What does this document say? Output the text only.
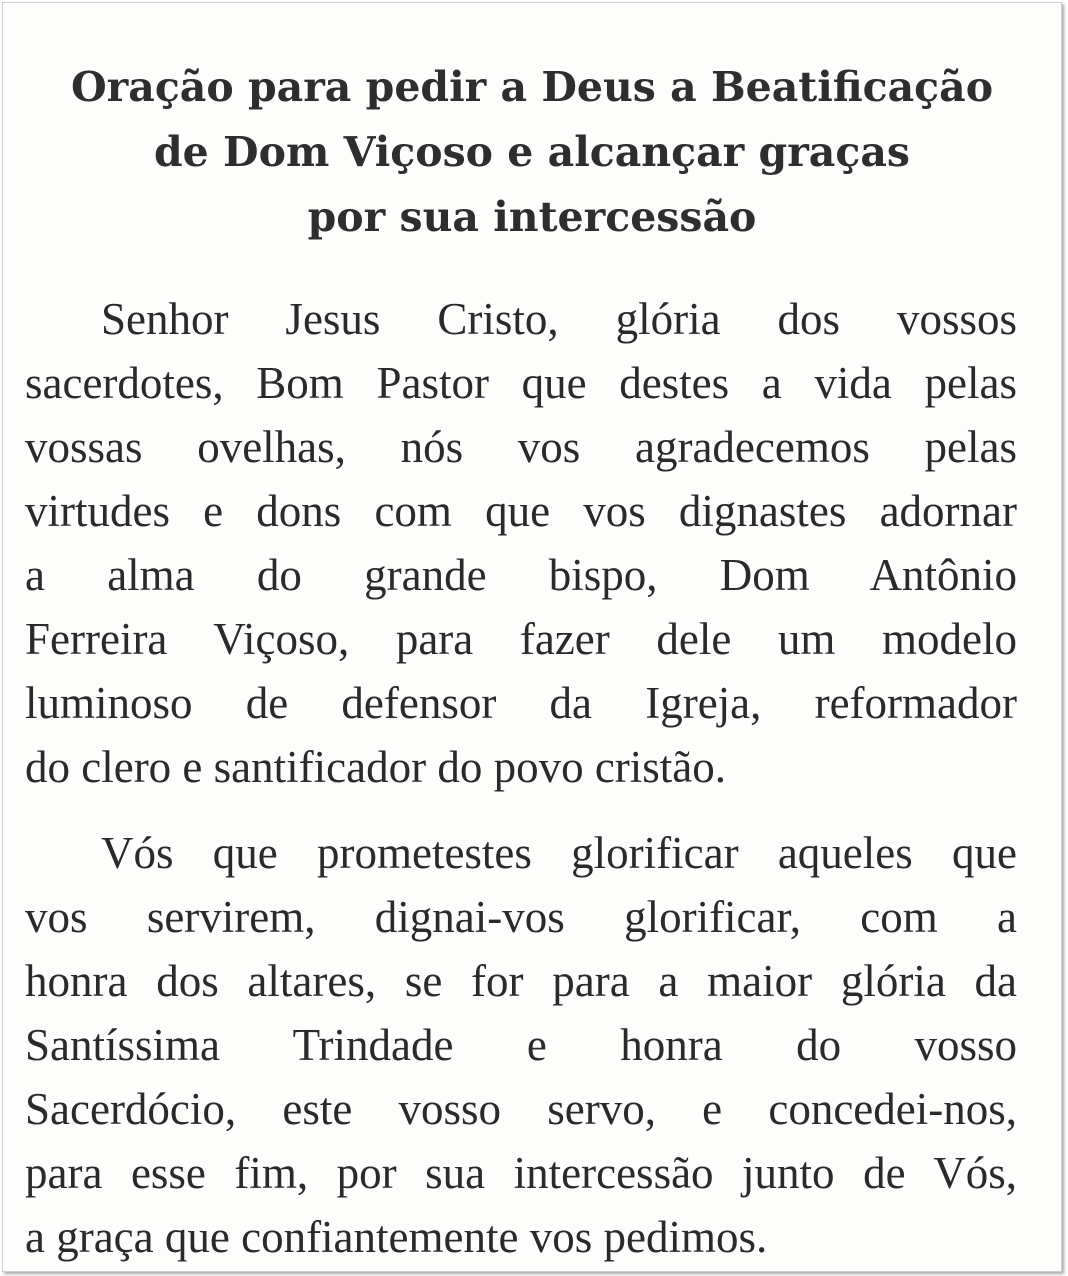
Oração para pedir a Deus a Beatificação
de Dom Viçoso e alcançar graças
por sua intercessão
Senhor Jesus Cristo, glória dos vossos
sacerdotes, Bom Pastor que destes a vida pelas
vossas ovelhas, nós vos agradecemos pelas
virtudes e dons com que vos dignastes adornar
a alma do grande bispo, Dom Antônio
Ferreira Viçoso, para fazer dele um modelo
luminoso de defensor da Igreja, reformador
do clero e santificador do povo cristão.
Vós que prometestes glorificar aqueles que
vos servirem, dignai-vos glorificar, com a
honra dos altares, se for para a maior glória da
Santíssima Trindade e honra do vosso
Sacerdócio, este vosso servo, e concedei-nos,
para esse fim, por sua intercessão junto de Vós,
a graça que confiantemente vos pedimos.
